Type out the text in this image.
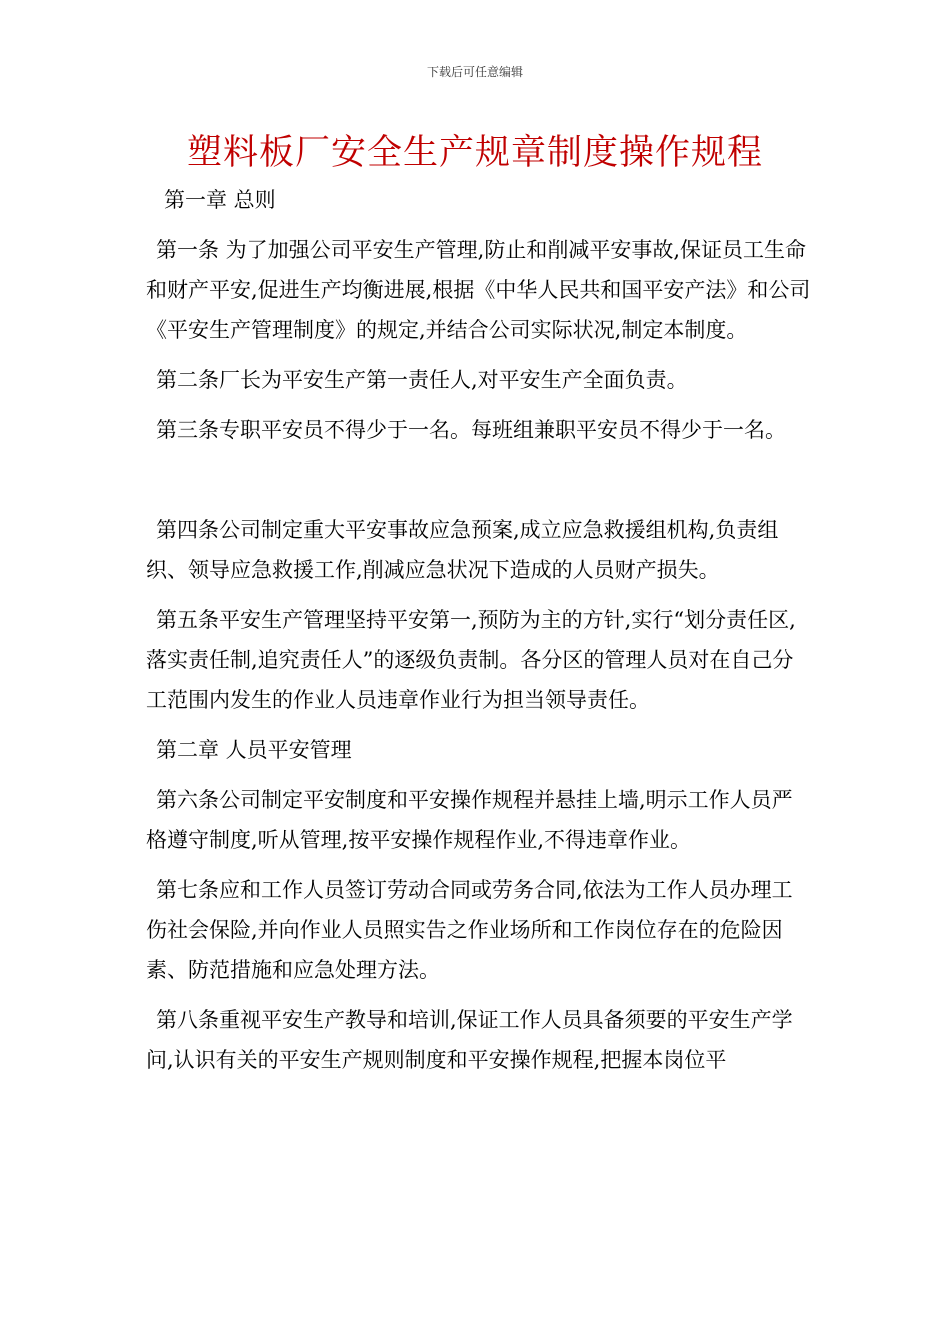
下载后可任意编辑
塑料板厂安全生产规章制度操作规程

第一章 总则

第一条 为了加强公司平安生产管理,防止和削减平安事故,保证员工生命和财产平安,促进生产均衡进展,根据《中华人民共和国平安产法》和公司《平安生产管理制度》的规定,并结合公司实际状况,制定本制度。

第二条厂长为平安生产第一责任人,对平安生产全面负责。

第三条专职平安员不得少于一名。每班组兼职平安员不得少于一名。

第四条公司制定重大平安事故应急预案,成立应急救援组机构,负责组织、领导应急救援工作,削减应急状况下造成的人员财产损失。

第五条平安生产管理坚持平安第一,预防为主的方针,实行“划分责任区,落实责任制,追究责任人”的逐级负责制。各分区的管理人员对在自己分工范围内发生的作业人员违章作业行为担当领导责任。

第二章 人员平安管理

第六条公司制定平安制度和平安操作规程并悬挂上墙,明示工作人员严格遵守制度,听从管理,按平安操作规程作业,不得违章作业。

第七条应和工作人员签订劳动合同或劳务合同,依法为工作人员办理工伤社会保险,并向作业人员照实告之作业场所和工作岗位存在的危险因素、防范措施和应急处理方法。

第八条重视平安生产教导和培训,保证工作人员具备须要的平安生产学问,认识有关的平安生产规则制度和平安操作规程,把握本岗位平
